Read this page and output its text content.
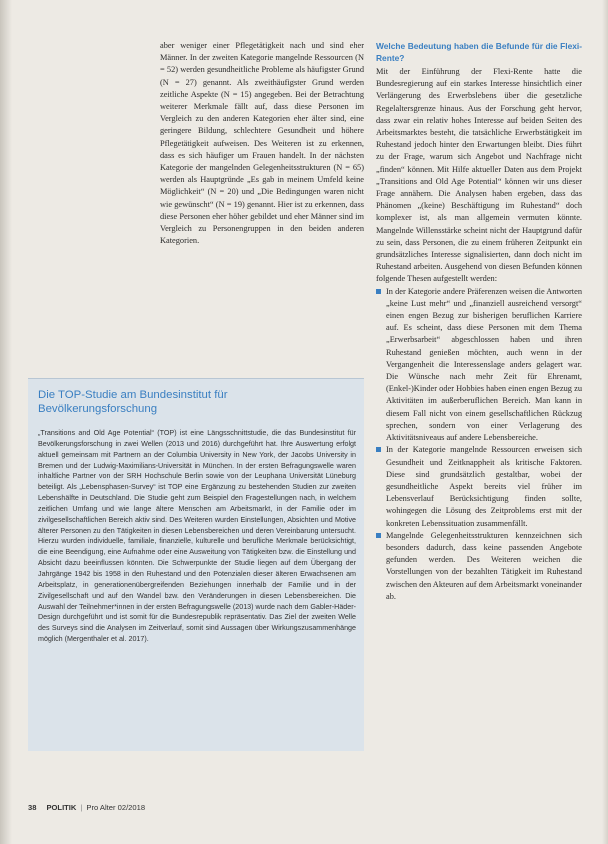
aber weniger einer Pflegetätigkeit nach und sind eher Männer. In der zweiten Kategorie mangelnde Ressourcen (N = 52) werden gesundheitliche Probleme als häufigster Grund (N = 27) genannt. Als zweithäufigster Grund werden zeitliche Aspekte (N = 15) angegeben. Bei der Betrachtung weiterer Merkmale fällt auf, dass diese Personen im Vergleich zu den anderen Kategorien eher älter sind, eine geringere Bildung, schlechtere Gesundheit und höhere Pflegetätigkeit aufweisen. Des Weiteren ist zu erkennen, dass es sich häufiger um Frauen handelt. In der nächsten Kategorie der mangelnden Gelegenheitsstrukturen (N = 65) werden als Hauptgründe „Es gab in meinem Umfeld keine Möglichkeit“ (N = 20) und „Die Bedingungen waren nicht wie gewünscht“ (N = 19) genannt. Hier ist zu erkennen, dass diese Personen eher höher gebildet und eher Männer sind im Vergleich zu Personengruppen in den beiden anderen Kategorien.
Die TOP-Studie am Bundesinstitut für Bevölkerungsforschung
„Transitions and Old Age Potential“ (TOP) ist eine Längsschnittstudie, die das Bundesinstitut für Bevölkerungsforschung in zwei Wellen (2013 und 2016) durchgeführt hat. Ihre Auswertung erfolgt aktuell gemeinsam mit Partnern an der Columbia University in New York, der Jacobs University in Bremen und der Ludwig-Maximilians-Universität in München. In der ersten Befragungswelle waren inhaltliche Partner von der SRH Hochschule Berlin sowie von der Leuphana Universität Lüneburg beteiligt. Als „Lebensphasen-Survey“ ist TOP eine Ergänzung zu bestehenden Studien zur zweiten Lebenshälfte in Deutschland. Die Studie geht zum Beispiel den Fragestellungen nach, in welchem zeitlichen Umfang und wie lange ältere Menschen am Arbeitsmarkt, in der Familie oder im zivilgesellschaftlichen Bereich aktiv sind. Des Weiteren wurden Einstellungen, Absichten und Motive älterer Personen zu den Tätigkeiten in diesen Lebensbereichen und deren Vereinbarung untersucht. Hierzu wurden individuelle, familiale, finanzielle, kulturelle und berufliche Merkmale berücksichtigt, die eine Beendigung, eine Aufnahme oder eine Ausweitung von Tätigkeiten bzw. die Einstellung und Absicht dazu beeinflussen könnten. Die Schwerpunkte der Studie liegen auf dem Übergang der Jahrgänge 1942 bis 1958 in den Ruhestand und den Potenzialen dieser älteren Erwachsenen am Arbeitsplatz, in generationenübergreifenden Beziehungen innerhalb der Familie und in der Zivilgesellschaft und auf den Wandel bzw. den Veränderungen in diesen Lebensbereichen. Die Auswahl der Teilnehmer*innen in der ersten Befragungswelle (2013) wurde nach dem Gabler-Häder-Design durchgeführt und ist somit für die Bundesrepublik repräsentativ. Das Ziel der zweiten Welle des Surveys sind die Analysen im Zeitverlauf, somit sind Aussagen über Wirkungszusammenhänge möglich (Mergenthaler et al. 2017).
Welche Bedeutung haben die Befunde für die Flexi-Rente?

Mit der Einführung der Flexi-Rente hatte die Bundesregierung auf ein starkes Interesse hinsichtlich einer Verlängerung des Erwerbslebens über die gesetzliche Regelaltersgrenze hinaus. Aus der Forschung geht hervor, dass zwar ein relativ hohes Interesse auf beiden Seiten des Arbeitsmarktes besteht, die tatsächliche Erwerbstätigkeit im Ruhestand jedoch hinter den Erwartungen bleibt. Dies führt zu der Frage, warum sich Angebot und Nachfrage nicht „finden“ können. Mit Hilfe aktueller Daten aus dem Projekt „Transitions and Old Age Potential“ können wir uns dieser Frage annähern. Die Analysen haben ergeben, dass das Phänomen „(keine) Beschäftigung im Ruhestand“ doch komplexer ist, als man allgemein vermuten könnte. Mangelnde Willensstärke scheint nicht der Hauptgrund dafür zu sein, dass Personen, die zu einem früheren Zeitpunkt ein grundsätzliches Interesse signalisierten, dann doch nicht im Ruhestand arbeiten. Ausgehend von diesen Befunden können folgende Thesen aufgestellt werden:

In der Kategorie andere Präferenzen weisen die Antworten „keine Lust mehr“ und „finanziell ausreichend versorgt“ einen engen Bezug zur bisherigen beruflichen Karriere auf. Es scheint, dass diese Personen mit dem Thema „Erwerbsarbeit“ abgeschlossen haben und ihren Ruhestand genießen möchten, auch wenn in der Vergangenheit die Interessenslage anders gelagert war. Die Wünsche nach mehr Zeit für Ehrenamt, (Enkel-)Kinder oder Hobbies haben einen engen Bezug zu Aktivitäten im außerberuflichen Bereich. Man kann in diesem Fall nicht von einem gesellschaftlichen Rückzug sprechen, sondern von einer Verlagerung des Aktivitätsniveaus auf andere Lebensbereiche.
In der Kategorie mangelnde Ressourcen erweisen sich Gesundheit und Zeitknappheit als kritische Faktoren. Diese sind grundsätzlich gestaltbar, wobei der gesundheitliche Aspekt bereits viel früher im Lebensverlauf Berücksichtigung finden sollte, wohingegen die Lösung des Zeitproblems erst mit der konkreten Lebenssituation zusammenfällt.
Mangelnde Gelegenheitsstrukturen kennzeichnen sich besonders dadurch, dass keine passenden Angebote gefunden werden. Des Weiteren weichen die Vorstellungen von der bezahlten Tätigkeit im Ruhestand zwischen den Akteuren auf dem Arbeitsmarkt voneinander ab.
38 POLITIK | Pro Alter 02/2018
